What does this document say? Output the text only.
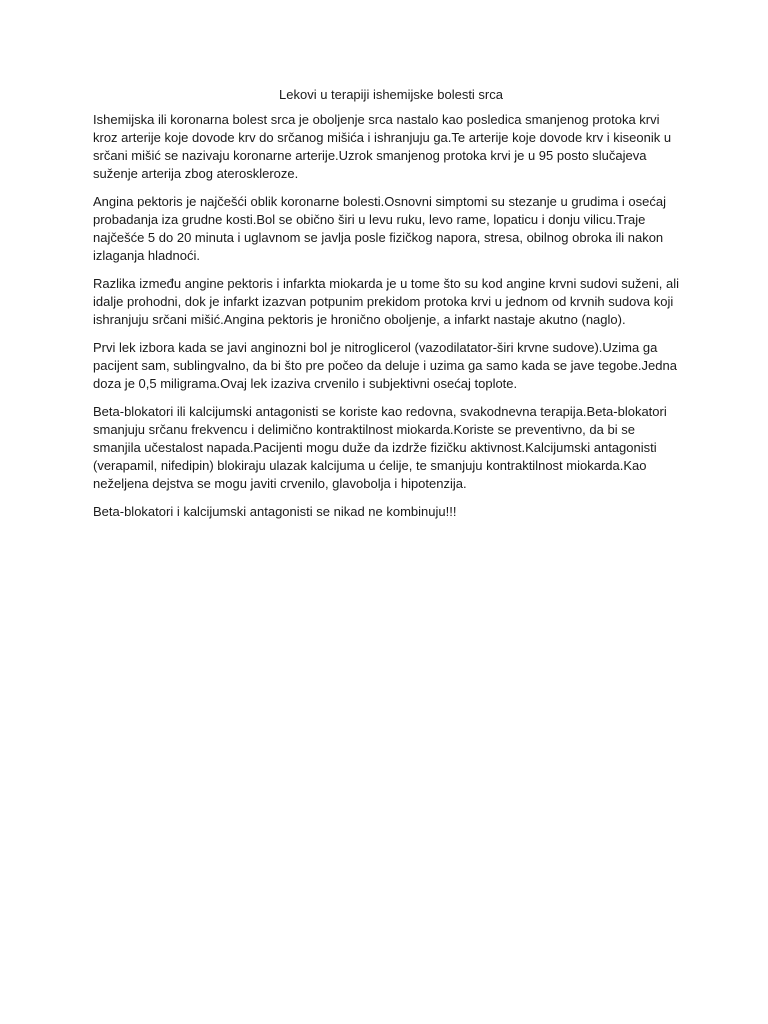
Lekovi u terapiji ishemijske bolesti srca

Ishemijska ili koronarna bolest srca je oboljenje srca nastalo kao posledica smanjenog protoka krvi kroz arterije koje dovode krv do srčanog mišića i ishranjuju ga.Te arterije koje dovode krv i kiseonik u srčani mišić se nazivaju koronarne arterije.Uzrok smanjenog protoka krvi je u 95 posto slučajeva suženje arterija zbog ateroskleroze.

Angina pektoris je najčešći oblik koronarne bolesti.Osnovni simptomi su stezanje u grudima i osećaj probadanja iza grudne kosti.Bol se obično širi u levu ruku, levo rame, lopaticu i donju vilicu.Traje najčešće 5 do 20 minuta i uglavnom se javlja posle fizičkog napora, stresa, obilnog obroka ili nakon izlaganja hladnoći.

Razlika između angine pektoris i infarkta miokarda je u tome što su kod angine krvni sudovi suženi, ali idalje prohodni, dok je infarkt izazvan potpunim prekidom protoka krvi u jednom od krvnih sudova koji ishranjuju srčani mišić.Angina pektoris je hronično oboljenje, a infarkt nastaje akutno (naglo).

Prvi lek izbora kada se javi anginozni bol je nitroglicerol (vazodilatator-širi krvne sudove).Uzima ga pacijent sam, sublingvalno, da bi što pre počeo da deluje i uzima ga samo kada se jave tegobe.Jedna doza je 0,5 miligrama.Ovaj lek izaziva crvenilo i subjektivni osećaj toplote.

Beta-blokatori ili kalcijumski antagonisti se koriste kao redovna, svakodnevna terapija.Beta-blokatori smanjuju srčanu frekvencu i delimično kontraktilnost miokarda.Koriste se preventivno, da bi se smanjila učestalost napada.Pacijenti mogu duže da izdrže fizičku aktivnost.Kalcijumski antagonisti (verapamil, nifedipin) blokiraju ulazak kalcijuma u ćelije, te smanjuju kontraktilnost miokarda.Kao neželjena dejstva se mogu javiti crvenilo, glavobolja i hipotenzija.

Beta-blokatori i kalcijumski antagonisti se nikad ne kombinuju!!!
